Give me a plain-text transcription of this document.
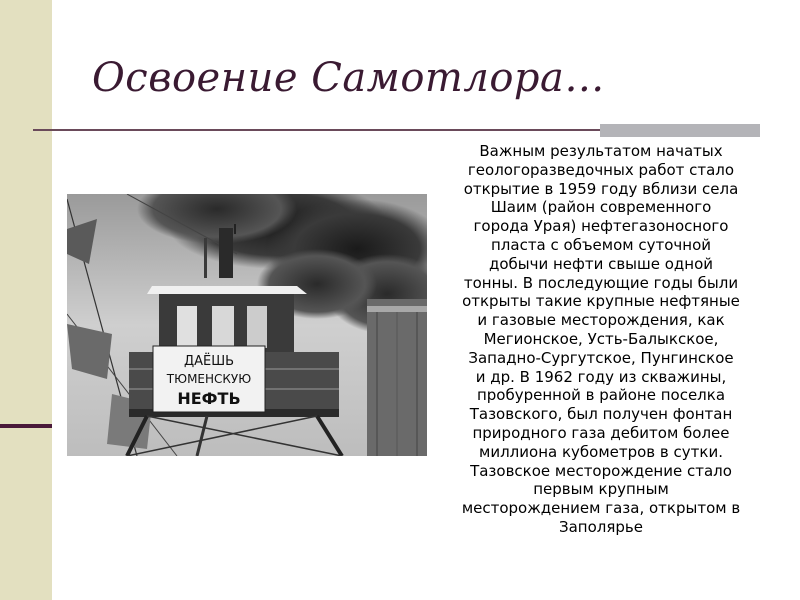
Освоение Самотлора…
ДАЁШЬ
ТЮМЕНСКУЮ
НЕФТЬ
Важным результатом начатых
геологоразведочных работ стало
открытие в 1959 году вблизи села
Шаим (район современного
города Урая) нефтегазоносного
пласта с объемом суточной
добычи нефти свыше одной
тонны. В последующие годы были
открыты такие крупные нефтяные
и газовые месторождения, как
Мегионское, Усть-Балыкское,
Западно-Сургутское, Пунгинское
и др. В 1962 году из скважины,
пробуренной в районе поселка
Тазовского, был получен фонтан
природного газа дебитом более
миллиона кубометров в сутки.
Тазовское месторождение стало
первым крупным
месторождением газа, открытом в
Заполярье
